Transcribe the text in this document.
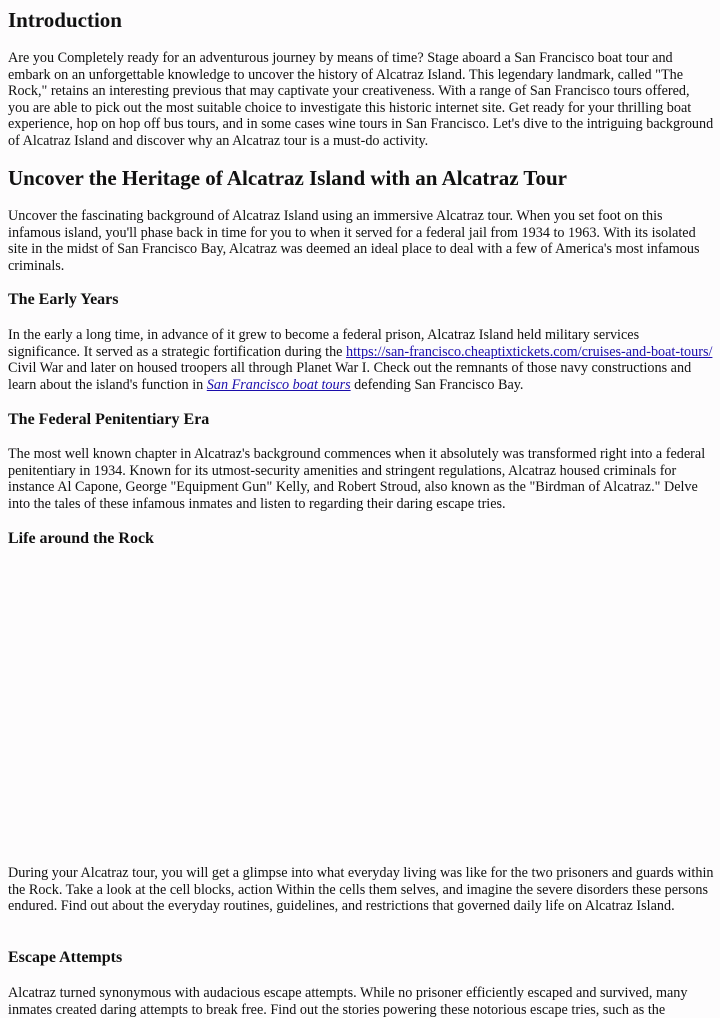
Introduction

Are you Completely ready for an adventurous journey by means of time? Stage aboard a San Francisco boat tour and embark on an unforgettable knowledge to uncover the history of Alcatraz Island. This legendary landmark, called "The Rock," retains an interesting previous that may captivate your creativeness. With a range of San Francisco tours offered, you are able to pick out the most suitable choice to investigate this historic internet site. Get ready for your thrilling boat experience, hop on hop off bus tours, and in some cases wine tours in San Francisco. Let's dive to the intriguing background of Alcatraz Island and discover why an Alcatraz tour is a must-do activity.

Uncover the Heritage of Alcatraz Island with an Alcatraz Tour

Uncover the fascinating background of Alcatraz Island using an immersive Alcatraz tour. When you set foot on this infamous island, you'll phase back in time for you to when it served for a federal jail from 1934 to 1963. With its isolated site in the midst of San Francisco Bay, Alcatraz was deemed an ideal place to deal with a few of America's most infamous criminals.

The Early Years

In the early a long time, in advance of it grew to become a federal prison, Alcatraz Island held military services significance. It served as a strategic fortification during the https://san-francisco.cheaptixtickets.com/cruises-and-boat-tours/ Civil War and later on housed troopers all through Planet War I. Check out the remnants of those navy constructions and learn about the island's function in San Francisco boat tours defending San Francisco Bay.

The Federal Penitentiary Era

The most well known chapter in Alcatraz's background commences when it absolutely was transformed right into a federal penitentiary in 1934. Known for its utmost-security amenities and stringent regulations, Alcatraz housed criminals for instance Al Capone, George "Equipment Gun" Kelly, and Robert Stroud, also known as the "Birdman of Alcatraz." Delve into the tales of these infamous inmates and listen to regarding their daring escape tries.

Life around the Rock

During your Alcatraz tour, you will get a glimpse into what everyday living was like for the two prisoners and guards within the Rock. Take a look at the cell blocks, action Within the cells them selves, and imagine the severe disorders these persons endured. Find out about the everyday routines, guidelines, and restrictions that governed daily life on Alcatraz Island.

Escape Attempts

Alcatraz turned synonymous with audacious escape attempts. While no prisoner efficiently escaped and survived, many inmates created daring attempts to break free. Find out the stories powering these notorious escape tries, such as the
